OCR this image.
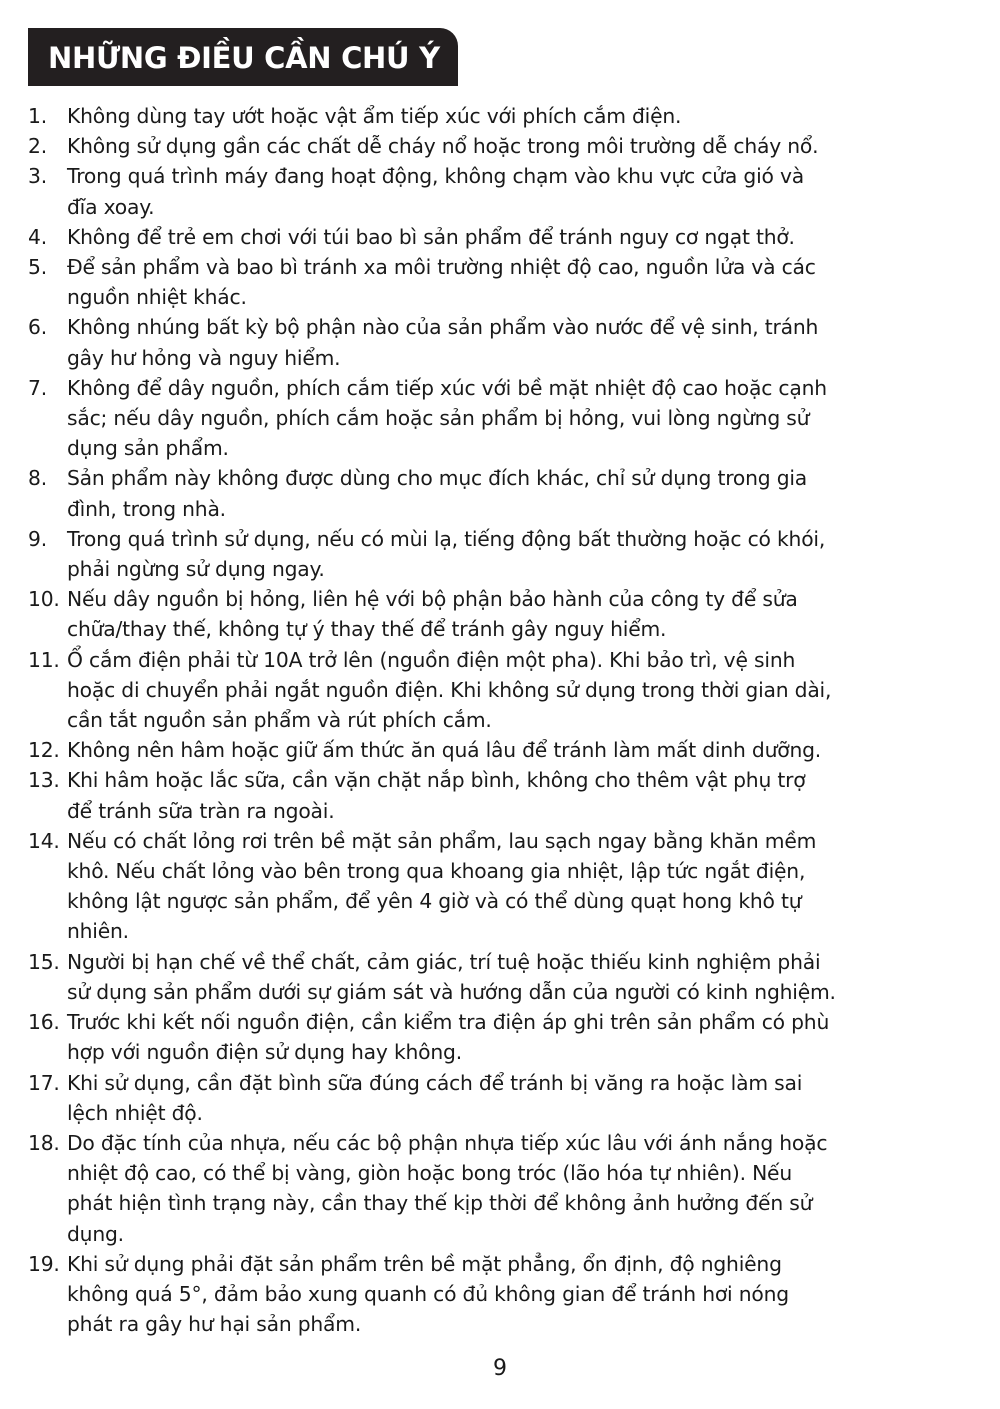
NHỮNG ĐIỀU CẦN CHÚ Ý
1. Không dùng tay ướt hoặc vật ẩm tiếp xúc với phích cắm điện.
2. Không sử dụng gần các chất dễ cháy nổ hoặc trong môi trường dễ cháy nổ.
3. Trong quá trình máy đang hoạt động, không chạm vào khu vực cửa gió và
đĩa xoay.
4. Không để trẻ em chơi với túi bao bì sản phẩm để tránh nguy cơ ngạt thở.
5. Để sản phẩm và bao bì tránh xa môi trường nhiệt độ cao, nguồn lửa và các
nguồn nhiệt khác.
6. Không nhúng bất kỳ bộ phận nào của sản phẩm vào nước để vệ sinh, tránh
gây hư hỏng và nguy hiểm.
7. Không để dây nguồn, phích cắm tiếp xúc với bề mặt nhiệt độ cao hoặc cạnh
sắc; nếu dây nguồn, phích cắm hoặc sản phẩm bị hỏng, vui lòng ngừng sử
dụng sản phẩm.
8. Sản phẩm này không được dùng cho mục đích khác, chỉ sử dụng trong gia
đình, trong nhà.
9. Trong quá trình sử dụng, nếu có mùi lạ, tiếng động bất thường hoặc có khói,
phải ngừng sử dụng ngay.
10. Nếu dây nguồn bị hỏng, liên hệ với bộ phận bảo hành của công ty để sửa
chữa/thay thế, không tự ý thay thế để tránh gây nguy hiểm.
11. Ổ cắm điện phải từ 10A trở lên (nguồn điện một pha). Khi bảo trì, vệ sinh
hoặc di chuyển phải ngắt nguồn điện. Khi không sử dụng trong thời gian dài,
cần tắt nguồn sản phẩm và rút phích cắm.
12. Không nên hâm hoặc giữ ấm thức ăn quá lâu để tránh làm mất dinh dưỡng.
13. Khi hâm hoặc lắc sữa, cần vặn chặt nắp bình, không cho thêm vật phụ trợ
để tránh sữa tràn ra ngoài.
14. Nếu có chất lỏng rơi trên bề mặt sản phẩm, lau sạch ngay bằng khăn mềm
khô. Nếu chất lỏng vào bên trong qua khoang gia nhiệt, lập tức ngắt điện,
không lật ngược sản phẩm, để yên 4 giờ và có thể dùng quạt hong khô tự
nhiên.
15. Người bị hạn chế về thể chất, cảm giác, trí tuệ hoặc thiếu kinh nghiệm phải
sử dụng sản phẩm dưới sự giám sát và hướng dẫn của người có kinh nghiệm.
16. Trước khi kết nối nguồn điện, cần kiểm tra điện áp ghi trên sản phẩm có phù
hợp với nguồn điện sử dụng hay không.
17. Khi sử dụng, cần đặt bình sữa đúng cách để tránh bị văng ra hoặc làm sai
lệch nhiệt độ.
18. Do đặc tính của nhựa, nếu các bộ phận nhựa tiếp xúc lâu với ánh nắng hoặc
nhiệt độ cao, có thể bị vàng, giòn hoặc bong tróc (lão hóa tự nhiên). Nếu
phát hiện tình trạng này, cần thay thế kịp thời để không ảnh hưởng đến sử
dụng.
19. Khi sử dụng phải đặt sản phẩm trên bề mặt phẳng, ổn định, độ nghiêng
không quá 5°, đảm bảo xung quanh có đủ không gian để tránh hơi nóng
phát ra gây hư hại sản phẩm.
9
